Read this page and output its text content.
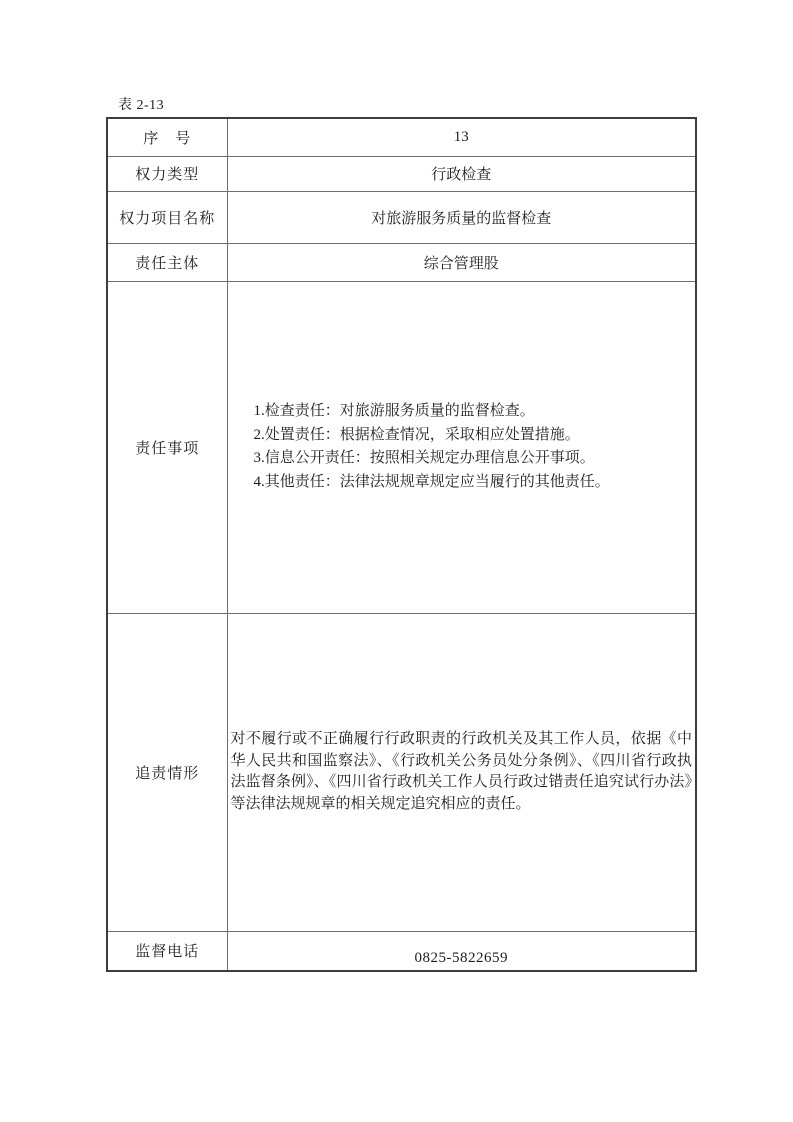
表 2-13
序　号	13
权力类型	行政检查
权力项目名称	对旅游服务质量的监督检查
责任主体	综合管理股
责任事项	1.检查责任：对旅游服务质量的监督检查。
2.处置责任：根据检查情况，采取相应处置措施。
3.信息公开责任：按照相关规定办理信息公开事项。
4.其他责任：法律法规规章规定应当履行的其他责任。

追责情形	对不履行或不正确履行行政职责的行政机关及其工作人员，依据《中华人民共和国监察法》、《行政机关公务员处分条例》、《四川省行政执法监督条例》、《四川省行政机关工作人员行政过错责任追究试行办法》等法律法规规章的相关规定追究相应的责任。

监督电话	0825-5822659
